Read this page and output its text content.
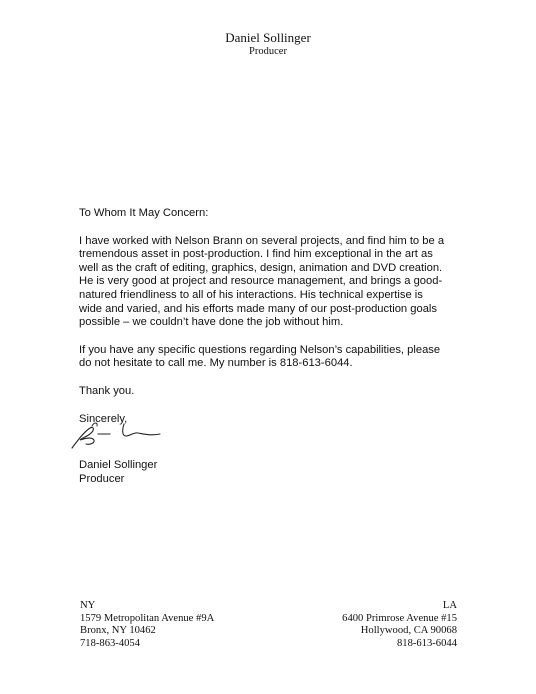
Daniel Sollinger
Producer
To Whom It May Concern:
I have worked with Nelson Brann on several projects, and find him to be a
tremendous asset in post-production. I find him exceptional in the art as
well as the craft of editing, graphics, design, animation and DVD creation.
He is very good at project and resource management, and brings a good-
natured friendliness to all of his interactions. His technical expertise is
wide and varied, and his efforts made many of our post-production goals
possible – we couldn’t have done the job without him.
If you have any specific questions regarding Nelson’s capabilities, please
do not hesitate to call me. My number is 818-613-6044.
Thank you.
Sincerely,
Daniel Sollinger
Producer
NY
1579 Metropolitan Avenue #9A
Bronx, NY 10462
718-863-4054
LA
6400 Primrose Avenue #15
Hollywood, CA 90068
818-613-6044
